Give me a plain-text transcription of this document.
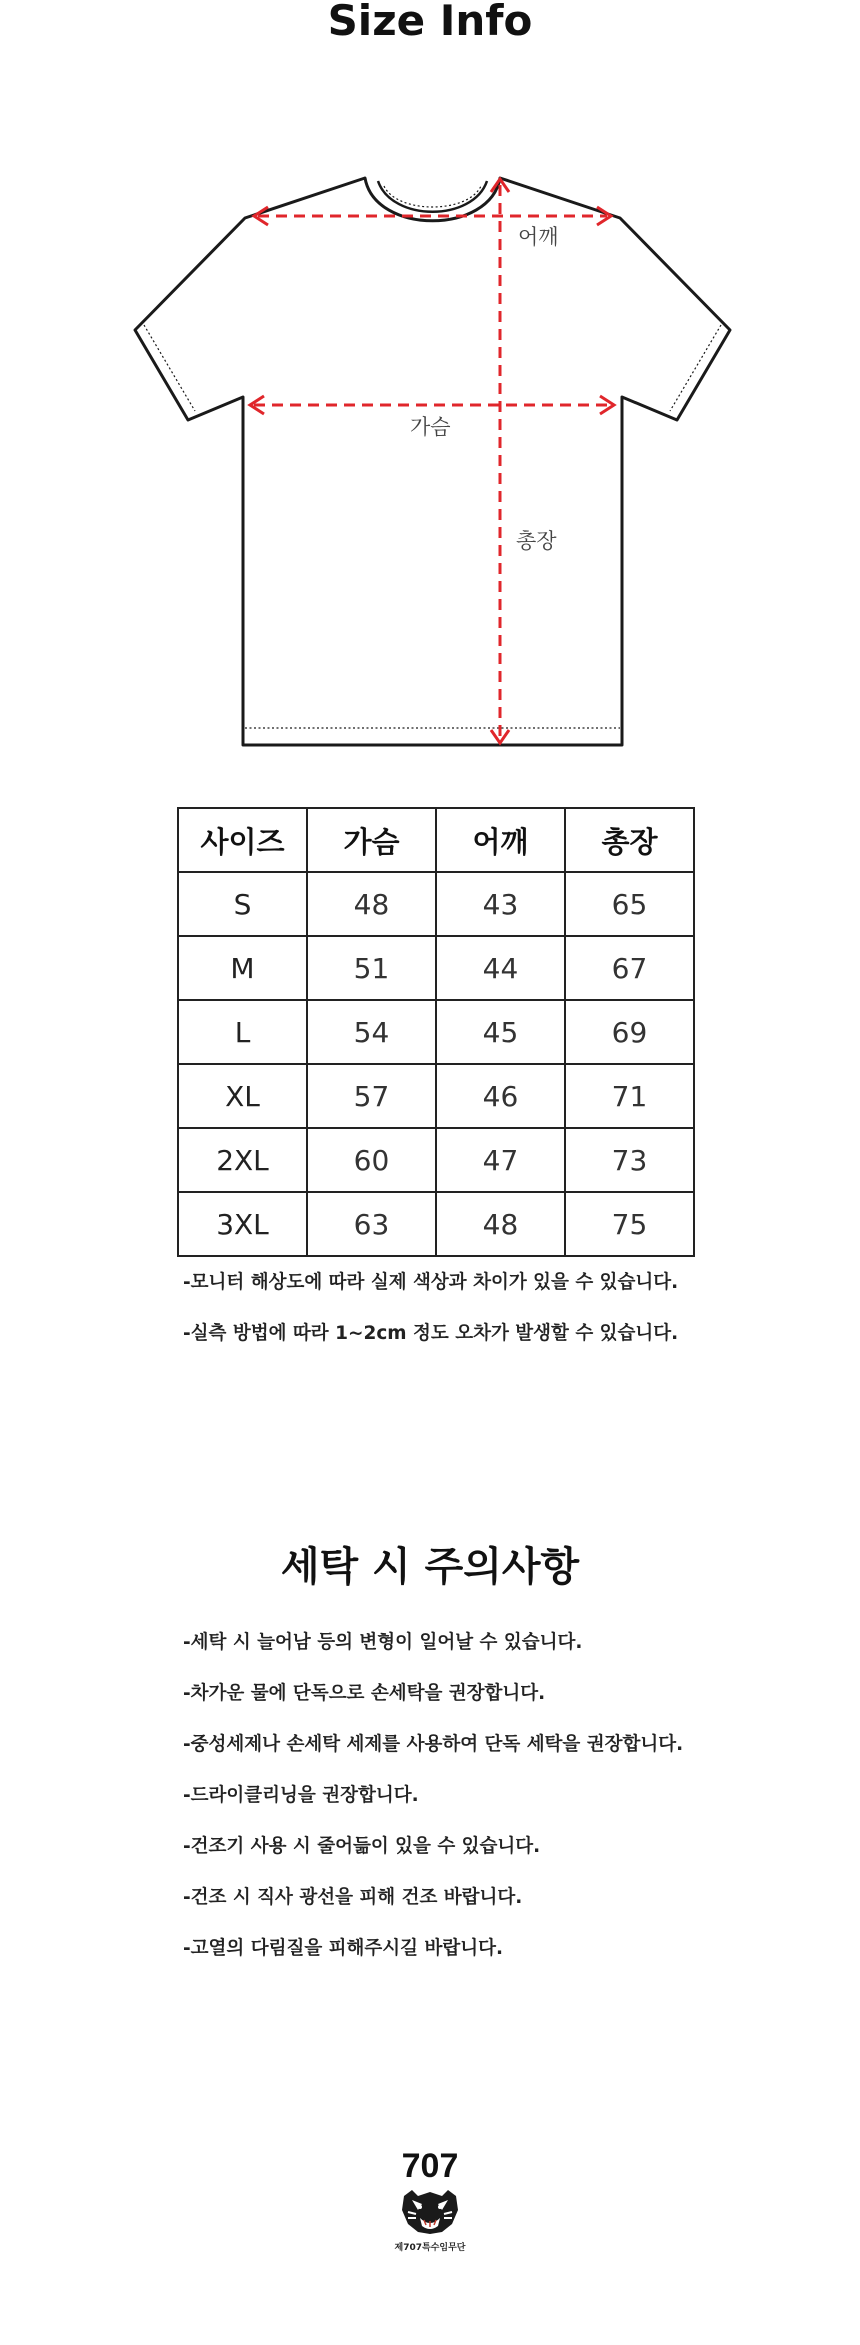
Size Info
어깨
가슴
총장
사이즈	가슴	어깨	총장
S	48	43	65
M	51	44	67
L	54	45	69
XL	57	46	71
2XL	60	47	73
3XL	63	48	75
-모니터 해상도에 따라 실제 색상과 차이가 있을 수 있습니다.
-실측 방법에 따라 1~2cm 정도 오차가 발생할 수 있습니다.
세탁 시 주의사항
-세탁 시 늘어남 등의 변형이 일어날 수 있습니다.
-차가운 물에 단독으로 손세탁을 권장합니다.
-중성세제나 손세탁 세제를 사용하여 단독 세탁을 권장합니다.
-드라이클리닝을 권장합니다.
-건조기 사용 시 줄어듦이 있을 수 있습니다.
-건조 시 직사 광선을 피해 건조 바랍니다.
-고열의 다림질을 피해주시길 바랍니다.
707
제707특수임무단
